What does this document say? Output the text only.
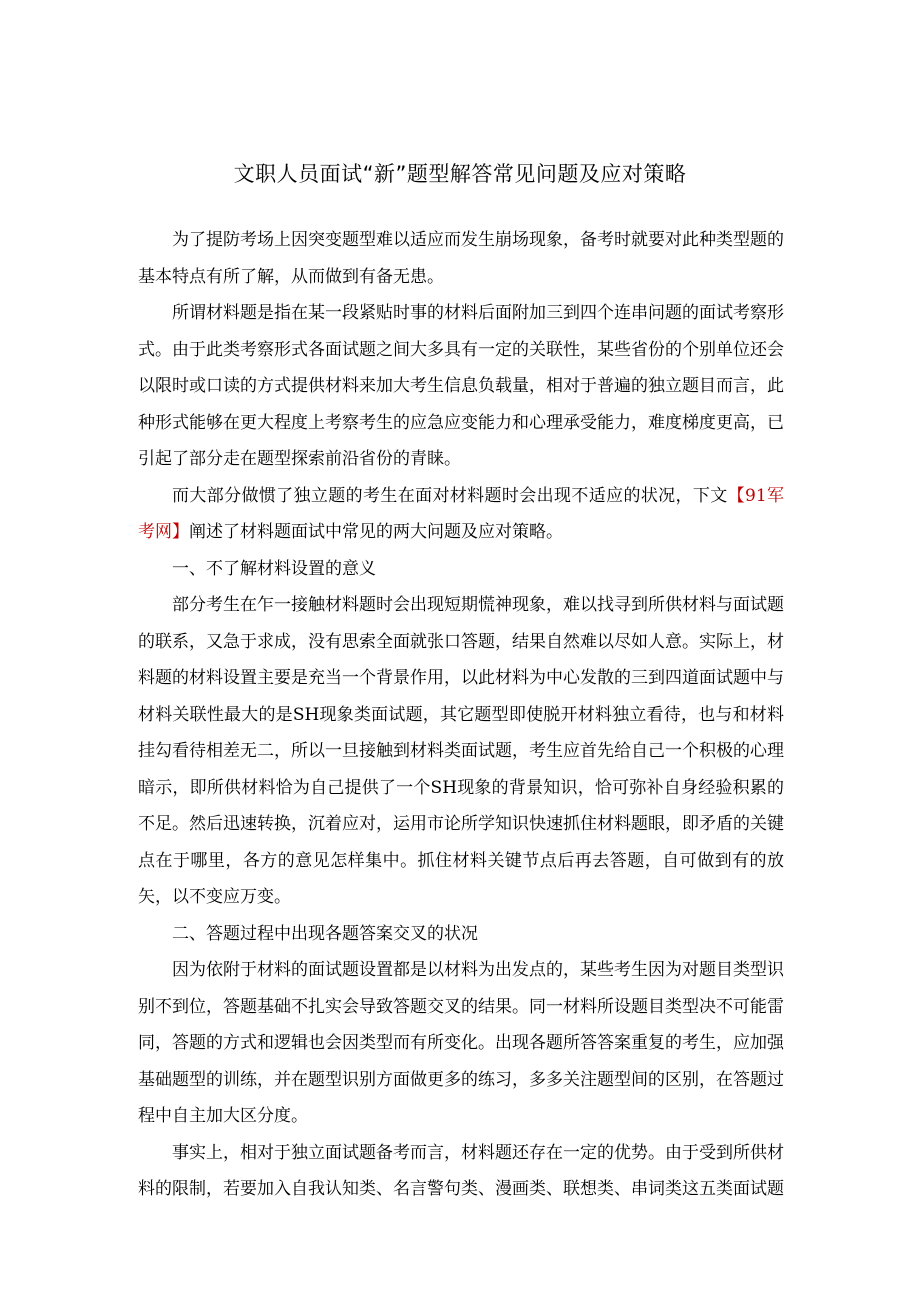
文职人员面试“新”题型解答常见问题及应对策略

为了提防考场上因突变题型难以适应而发生崩场现象，备考时就要对此种类型题的基本特点有所了解，从而做到有备无患。

所谓材料题是指在某一段紧贴时事的材料后面附加三到四个连串问题的面试考察形式。由于此类考察形式各面试题之间大多具有一定的关联性，某些省份的个别单位还会以限时或口读的方式提供材料来加大考生信息负载量，相对于普遍的独立题目而言，此种形式能够在更大程度上考察考生的应急应变能力和心理承受能力，难度梯度更高，已引起了部分走在题型探索前沿省份的青睐。

而大部分做惯了独立题的考生在面对材料题时会出现不适应的状况，下文【91军考网】阐述了材料题面试中常见的两大问题及应对策略。

一、不了解材料设置的意义

部分考生在乍一接触材料题时会出现短期慌神现象，难以找寻到所供材料与面试题的联系，又急于求成，没有思索全面就张口答题，结果自然难以尽如人意。实际上，材料题的材料设置主要是充当一个背景作用，以此材料为中心发散的三到四道面试题中与材料关联性最大的是SH现象类面试题，其它题型即使脱开材料独立看待，也与和材料挂勾看待相差无二，所以一旦接触到材料类面试题，考生应首先给自己一个积极的心理暗示，即所供材料恰为自己提供了一个SH现象的背景知识，恰可弥补自身经验积累的不足。然后迅速转换，沉着应对，运用市论所学知识快速抓住材料题眼，即矛盾的关键点在于哪里，各方的意见怎样集中。抓住材料关键节点后再去答题，自可做到有的放矢，以不变应万变。

二、答题过程中出现各题答案交叉的状况

因为依附于材料的面试题设置都是以材料为出发点的，某些考生因为对题目类型识别不到位，答题基础不扎实会导致答题交叉的结果。同一材料所设题目类型决不可能雷同，答题的方式和逻辑也会因类型而有所变化。出现各题所答答案重复的考生，应加强基础题型的训练，并在题型识别方面做更多的练习，多多关注题型间的区别，在答题过程中自主加大区分度。

事实上，相对于独立面试题备考而言，材料题还存在一定的优势。由于受到所供材料的限制，若要加入自我认知类、名言警句类、漫画类、联想类、串词类这五类面试题
